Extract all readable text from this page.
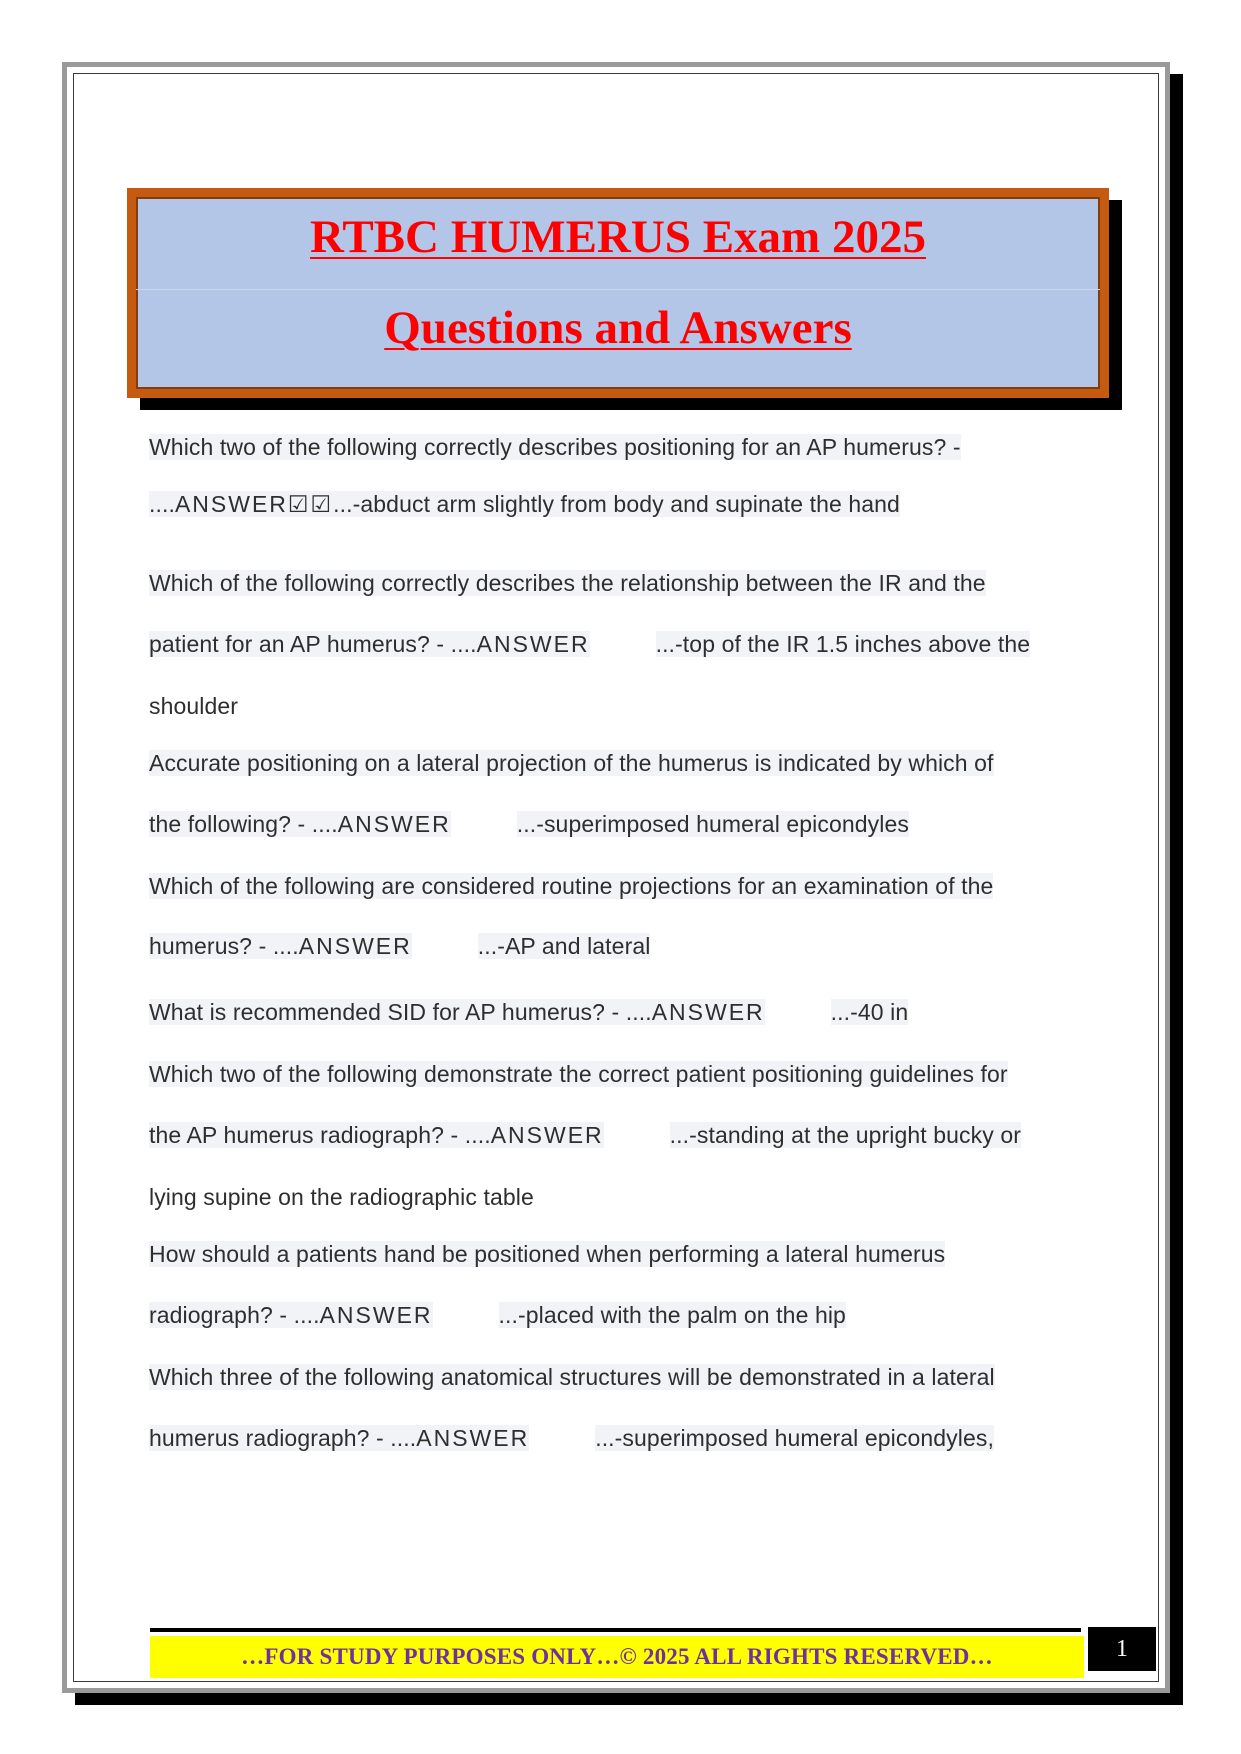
RTBC HUMERUS Exam 2025
Questions and Answers
Which two of the following correctly describes positioning for an AP humerus? -
....ANSWER☑☑...-abduct arm slightly from body and supinate the hand
Which of the following correctly describes the relationship between the IR and the
patient for an AP humerus? - ....ANSWER	...-top of the IR 1.5 inches above the
shoulder
Accurate positioning on a lateral projection of the humerus is indicated by which of
the following? - ....ANSWER	...-superimposed humeral epicondyles
Which of the following are considered routine projections for an examination of the
humerus? - ....ANSWER	...-AP and lateral
What is recommended SID for AP humerus? - ....ANSWER	...-40 in
Which two of the following demonstrate the correct patient positioning guidelines for
the AP humerus radiograph? - ....ANSWER	...-standing at the upright bucky or
lying supine on the radiographic table
How should a patients hand be positioned when performing a lateral humerus
radiograph? - ....ANSWER	...-placed with the palm on the hip
Which three of the following anatomical structures will be demonstrated in a lateral
humerus radiograph? - ....ANSWER	...-superimposed humeral epicondyles,
…FOR STUDY PURPOSES ONLY…© 2025 ALL RIGHTS RESERVED…	1
